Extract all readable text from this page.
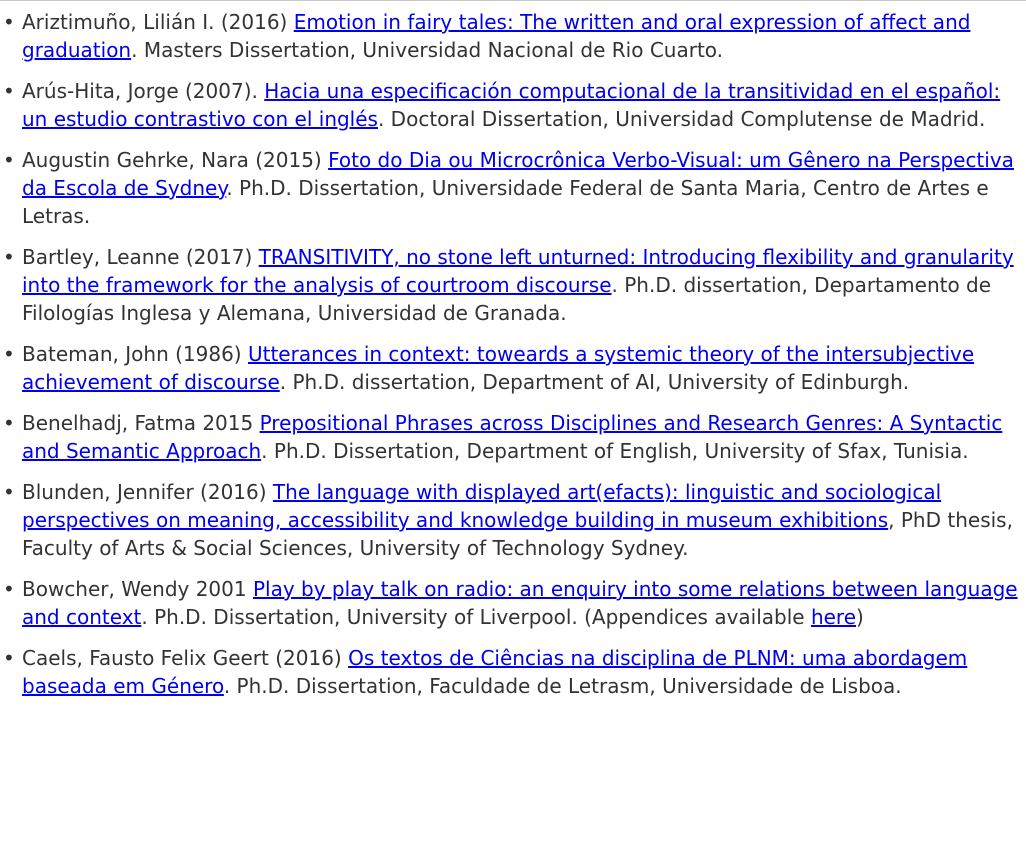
• Ariztimuño, Lilián I. (2016) Emotion in fairy tales: The written and oral expression of affect and graduation. Masters Dissertation, Universidad Nacional de Rio Cuarto.
• Arús-Hita, Jorge (2007). Hacia una especificación computacional de la transitividad en el español: un estudio contrastivo con el inglés. Doctoral Dissertation, Universidad Complutense de Madrid.
• Augustin Gehrke, Nara (2015) Foto do Dia ou Microcrônica Verbo-Visual: um Gênero na Perspectiva da Escola de Sydney. Ph.D. Dissertation, Universidade Federal de Santa Maria, Centro de Artes e Letras.
• Bartley, Leanne (2017) TRANSITIVITY, no stone left unturned: Introducing flexibility and granularity into the framework for the analysis of courtroom discourse. Ph.D. dissertation, Departamento de Filologías Inglesa y Alemana, Universidad de Granada.
• Bateman, John (1986) Utterances in context: toweards a systemic theory of the intersubjective achievement of discourse. Ph.D. dissertation, Department of AI, University of Edinburgh.
• Benelhadj, Fatma 2015 Prepositional Phrases across Disciplines and Research Genres: A Syntactic and Semantic Approach. Ph.D. Dissertation, Department of English, University of Sfax, Tunisia.
• Blunden, Jennifer (2016) The language with displayed art(efacts): linguistic and sociological perspectives on meaning, accessibility and knowledge building in museum exhibitions, PhD thesis, Faculty of Arts & Social Sciences, University of Technology Sydney.
• Bowcher, Wendy 2001 Play by play talk on radio: an enquiry into some relations between language and context. Ph.D. Dissertation, University of Liverpool. (Appendices available here)
• Caels, Fausto Felix Geert (2016) Os textos de Ciências na disciplina de PLNM: uma abordagem baseada em Género. Ph.D. Dissertation, Faculdade de Letrasm, Universidade de Lisboa.
